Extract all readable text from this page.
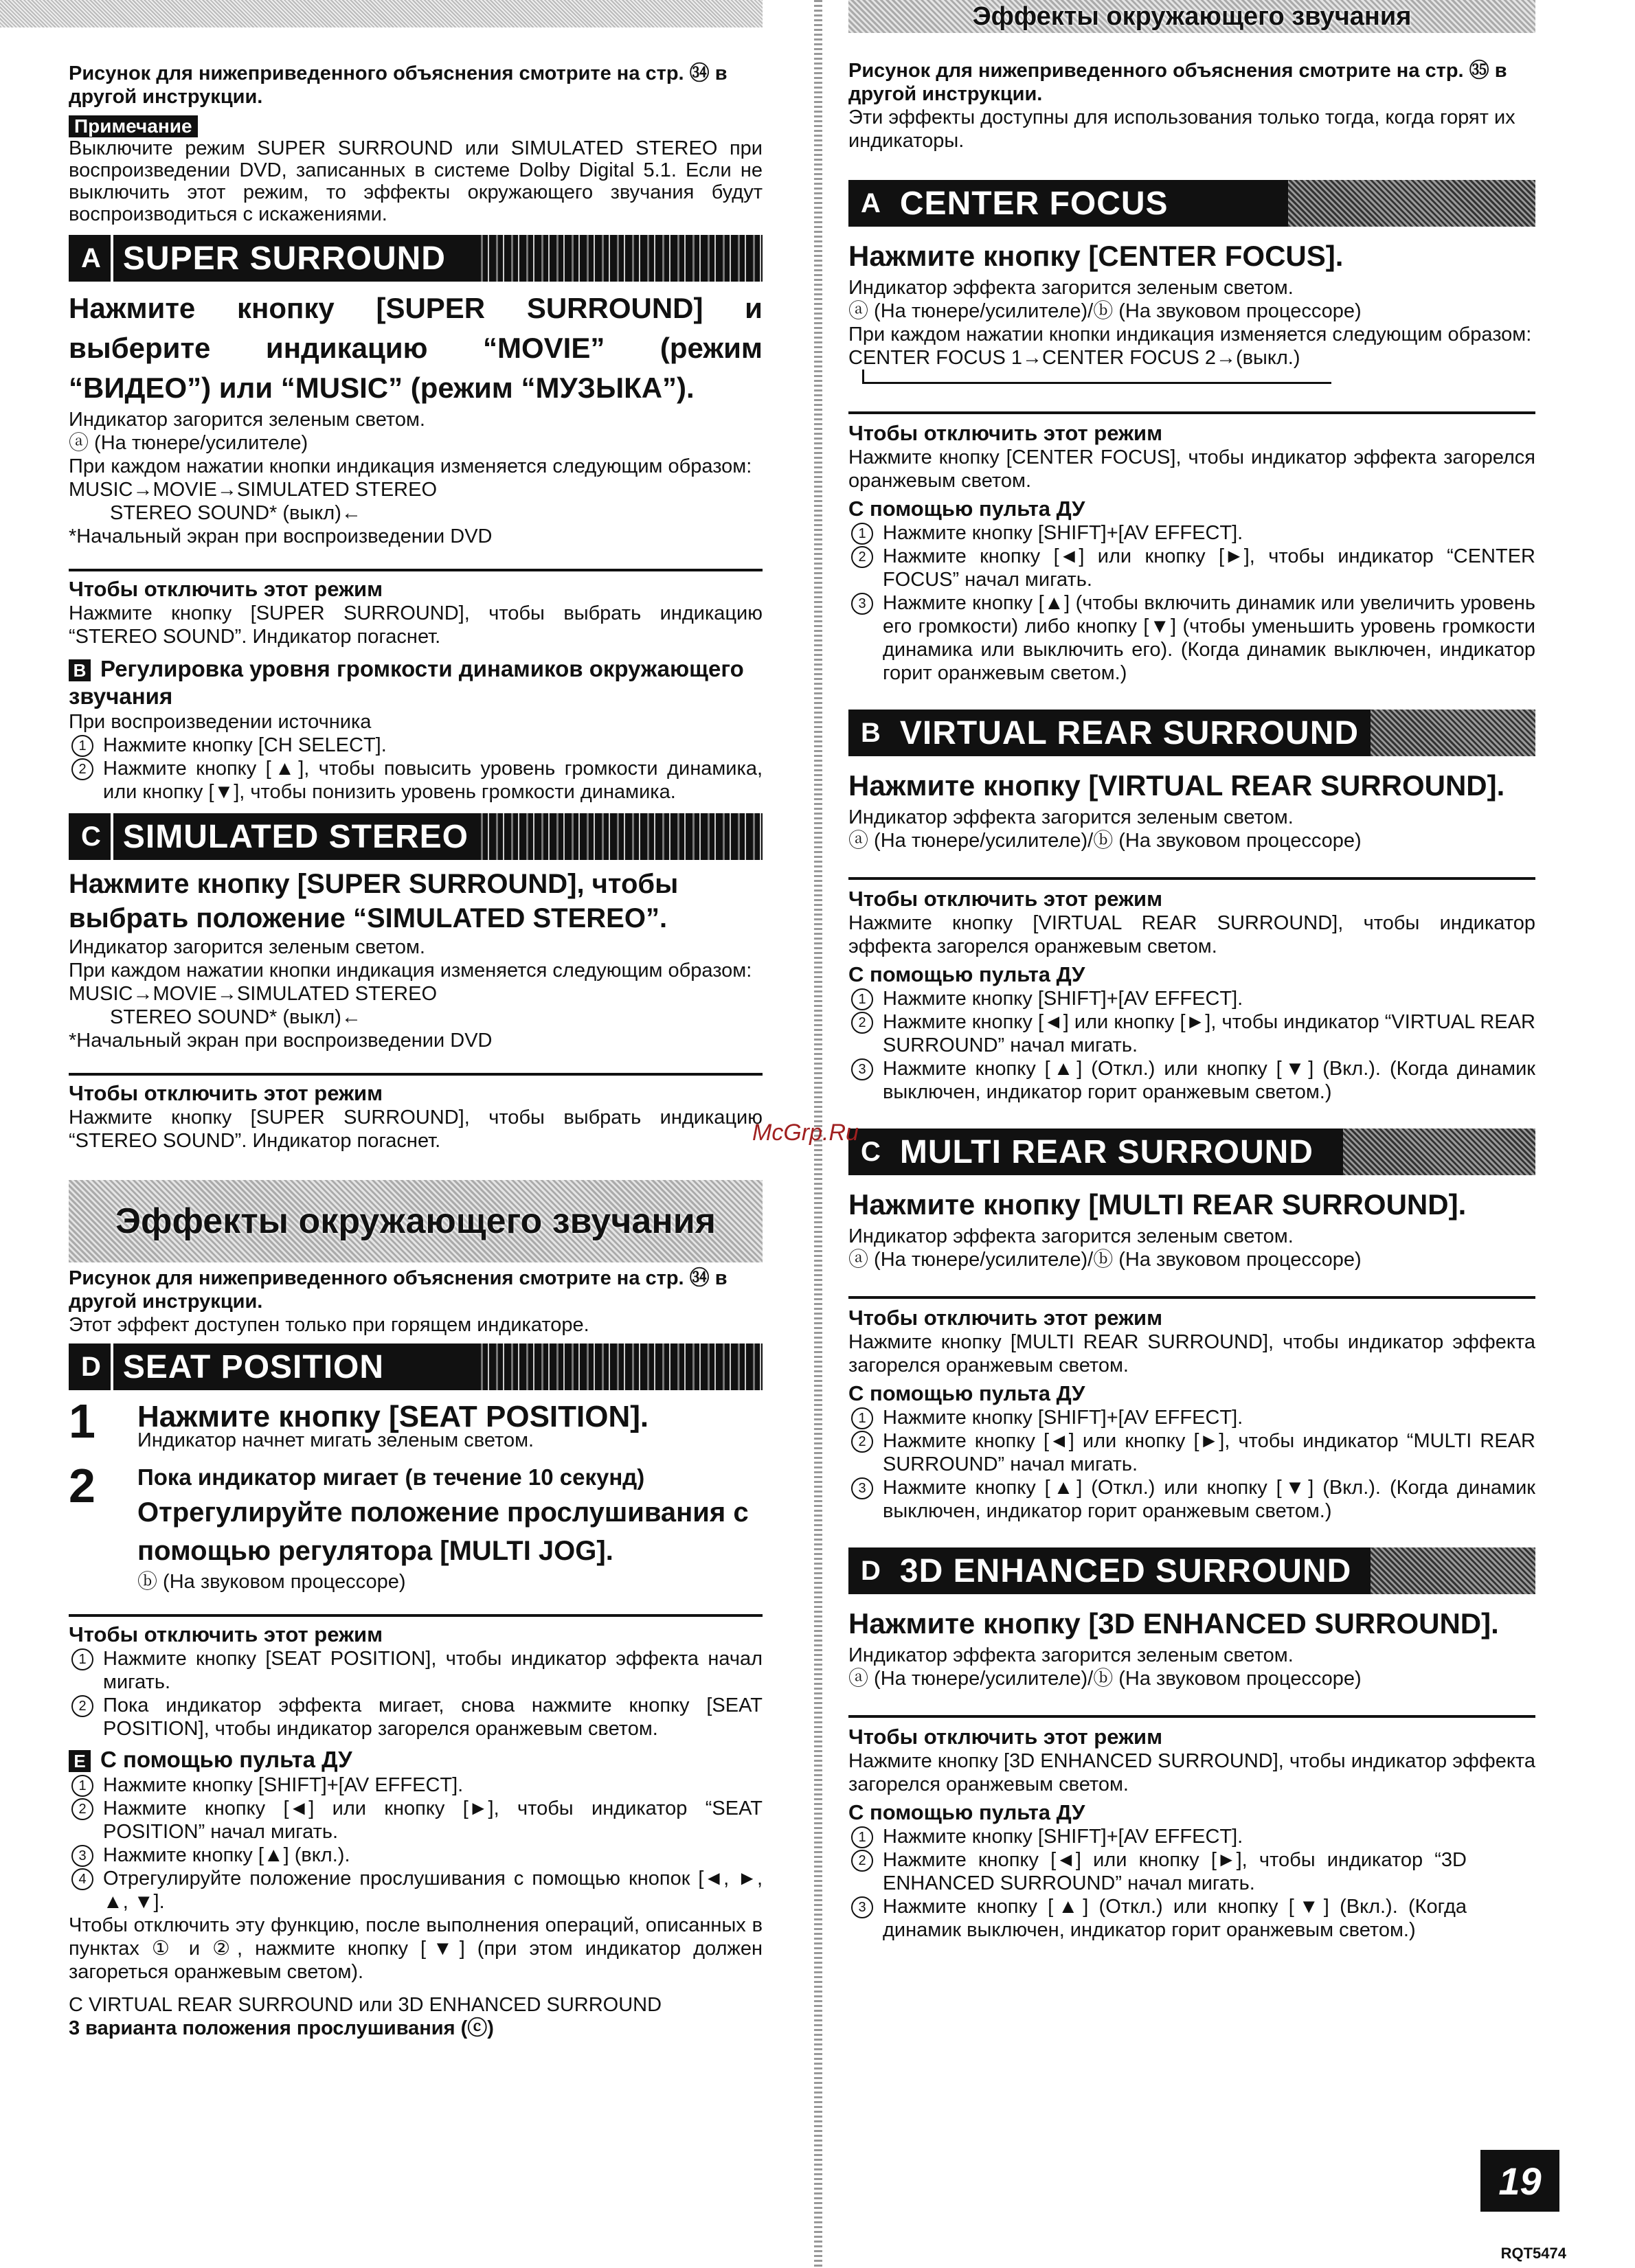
Рисунок для нижеприведенного объяснения смотрите на стр. ㉞ в другой инструкции.

Примечание

Выключите режим SUPER SURROUND или SIMULATED STEREO при воспроизведении DVD, записанных в системе Dolby Digital 5.1. Если не выключить этот режим, то эффекты окружающего звучания будут воспроизводиться с искажениями.

A SUPER SURROUND

Нажмите кнопку [SUPER SURROUND] и выберите индикацию “MOVIE” (режим “ВИДЕО”) или “MUSIC” (режим “МУЗЫКА”).

Индикатор загорится зеленым светом.

ⓐ (На тюнере/усилителе)

При каждом нажатии кнопки индикация изменяется следующим образом:

MUSIC→MOVIE→SIMULATED STEREO

STEREO SOUND* (выкл)←

*Начальный экран при воспроизведении DVD

Чтобы отключить этот режим

Нажмите кнопку [SUPER SURROUND], чтобы выбрать индикацию “STEREO SOUND”. Индикатор погаснет.

B Регулировка уровня громкости динамиков окружающего звучания

При воспроизведении источника

1 Нажмите кнопку [CH SELECT].
2 Нажмите кнопку [▲], чтобы повысить уровень громкости динамика, или кнопку [▼], чтобы понизить уровень громкости динамика.
C SIMULATED STEREO

Нажмите кнопку [SUPER SURROUND], чтобы выбрать положение “SIMULATED STEREO”.

Индикатор загорится зеленым светом.

При каждом нажатии кнопки индикация изменяется следующим образом:

MUSIC→MOVIE→SIMULATED STEREO

STEREO SOUND* (выкл)←

*Начальный экран при воспроизведении DVD

Чтобы отключить этот режим

Нажмите кнопку [SUPER SURROUND], чтобы выбрать индикацию “STEREO SOUND”. Индикатор погаснет.

Эффекты окружающего звучания

Рисунок для нижеприведенного объяснения смотрите на стр. ㉞ в другой инструкции.

Этот эффект доступен только при горящем индикаторе.

D SEAT POSITION
1 Нажмите кнопку [SEAT POSITION].

Индикатор начнет мигать зеленым светом.

2 Пока индикатор мигает (в течение 10 секунд)

Отрегулируйте положение прослушивания с помощью регулятора [MULTI JOG].

ⓑ (На звуковом процессоре)

Чтобы отключить этот режим

1 Нажмите кнопку [SEAT POSITION], чтобы индикатор эффекта начал мигать.
2 Пока индикатор эффекта мигает, снова нажмите кнопку [SEAT POSITION], чтобы индикатор загорелся оранжевым светом.

E С помощью пульта ДУ

1 Нажмите кнопку [SHIFT]+[AV EFFECT].
2 Нажмите кнопку [◄] или кнопку [►], чтобы индикатор “SEAT POSITION” начал мигать.
3 Нажмите кнопку [▲] (вкл.).
4 Отрегулируйте положение прослушивания с помощью кнопок [◄, ►, ▲, ▼].

Чтобы отключить эту функцию, после выполнения операций, описанных в пунктах ① и ②, нажмите кнопку [▼] (при этом индикатор должен загореться оранжевым светом).

С VIRTUAL REAR SURROUND или 3D ENHANCED SURROUND

3 варианта положения прослушивания (ⓒ)

Эффекты окружающего звучания

Рисунок для нижеприведенного объяснения смотрите на стр. ㉟ в другой инструкции.

Эти эффекты доступны для использования только тогда, когда горят их индикаторы.

A CENTER FOCUS

Нажмите кнопку [CENTER FOCUS].

Индикатор эффекта загорится зеленым светом.

ⓐ (На тюнере/усилителе)/ⓑ (На звуковом процессоре)

При каждом нажатии кнопки индикация изменяется следующим образом:

CENTER FOCUS 1→CENTER FOCUS 2→(выкл.)

Чтобы отключить этот режим

Нажмите кнопку [CENTER FOCUS], чтобы индикатор эффекта загорелся оранжевым светом.

С помощью пульта ДУ

1 Нажмите кнопку [SHIFT]+[AV EFFECT].
2 Нажмите кнопку [◄] или кнопку [►], чтобы индикатор “CENTER FOCUS” начал мигать.
3 Нажмите кнопку [▲] (чтобы включить динамик или увеличить уровень его громкости) либо кнопку [▼] (чтобы уменьшить уровень громкости динамика или выключить его). (Когда динамик выключен, индикатор горит оранжевым светом.)
B VIRTUAL REAR SURROUND

Нажмите кнопку [VIRTUAL REAR SURROUND].

Индикатор эффекта загорится зеленым светом.

ⓐ (На тюнере/усилителе)/ⓑ (На звуковом процессоре)

Чтобы отключить этот режим

Нажмите кнопку [VIRTUAL REAR SURROUND], чтобы индикатор эффекта загорелся оранжевым светом.

С помощью пульта ДУ

1 Нажмите кнопку [SHIFT]+[AV EFFECT].
2 Нажмите кнопку [◄] или кнопку [►], чтобы индикатор “VIRTUAL REAR SURROUND” начал мигать.
3 Нажмите кнопку [▲] (Откл.) или кнопку [▼] (Вкл.). (Когда динамик выключен, индикатор горит оранжевым светом.)
C MULTI REAR SURROUND

Нажмите кнопку [MULTI REAR SURROUND].

Индикатор эффекта загорится зеленым светом.

ⓐ (На тюнере/усилителе)/ⓑ (На звуковом процессоре)

Чтобы отключить этот режим

Нажмите кнопку [MULTI REAR SURROUND], чтобы индикатор эффекта загорелся оранжевым светом.

С помощью пульта ДУ

1 Нажмите кнопку [SHIFT]+[AV EFFECT].
2 Нажмите кнопку [◄] или кнопку [►], чтобы индикатор “MULTI REAR SURROUND” начал мигать.
3 Нажмите кнопку [▲] (Откл.) или кнопку [▼] (Вкл.). (Когда динамик выключен, индикатор горит оранжевым светом.)
D 3D ENHANCED SURROUND

Нажмите кнопку [3D ENHANCED SURROUND].

Индикатор эффекта загорится зеленым светом.

ⓐ (На тюнере/усилителе)/ⓑ (На звуковом процессоре)

Чтобы отключить этот режим

Нажмите кнопку [3D ENHANCED SURROUND], чтобы индикатор эффекта загорелся оранжевым светом.

С помощью пульта ДУ

1 Нажмите кнопку [SHIFT]+[AV EFFECT].
2 Нажмите кнопку [◄] или кнопку [►], чтобы индикатор “3D ENHANCED SURROUND” начал мигать.
3 Нажмите кнопку [▲] (Откл.) или кнопку [▼] (Вкл.). (Когда динамик выключен, индикатор горит оранжевым светом.)
McGrp.Ru
19
RQT5474
